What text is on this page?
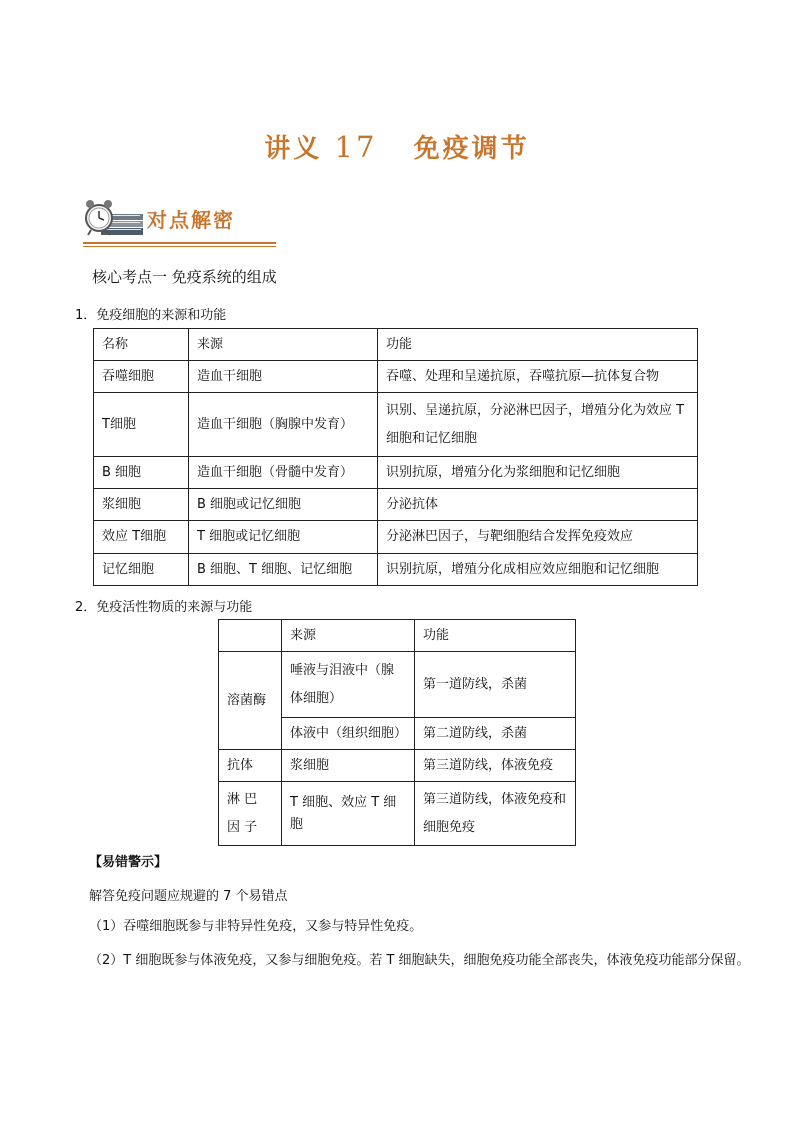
讲义 17 免疫调节
对点解密
核心考点一 免疫系统的组成
1．免疫细胞的来源和功能
名称	来源	功能
吞噬细胞	造血干细胞	吞噬、处理和呈递抗原，吞噬抗原—抗体复合物
T细胞	造血干细胞（胸腺中发育）	识别、呈递抗原，分泌淋巴因子，增殖分化为效应 T细胞和记忆细胞
B 细胞	造血干细胞（骨髓中发育）	识别抗原，增殖分化为浆细胞和记忆细胞
浆细胞	B 细胞或记忆细胞	分泌抗体
效应 T细胞	T 细胞或记忆细胞	分泌淋巴因子，与靶细胞结合发挥免疫效应
记忆细胞	B 细胞、T 细胞、记忆细胞	识别抗原，增殖分化成相应效应细胞和记忆细胞
2．免疫活性物质的来源与功能
	来源	功能
溶菌酶	唾液与泪液中（腺体细胞）	第一道防线，杀菌
	体液中（组织细胞）	第二道防线，杀菌
抗体	浆细胞	第三道防线，体液免疫
淋 巴 因 子	T 细胞、效应 T 细胞	第三道防线，体液免疫和细胞免疫
【易错警示】
解答免疫问题应规避的 7 个易错点
（1）吞噬细胞既参与非特异性免疫，又参与特异性免疫。
（2）T 细胞既参与体液免疫，又参与细胞免疫。若 T 细胞缺失，细胞免疫功能全部丧失，体液免疫功能部分保留。
